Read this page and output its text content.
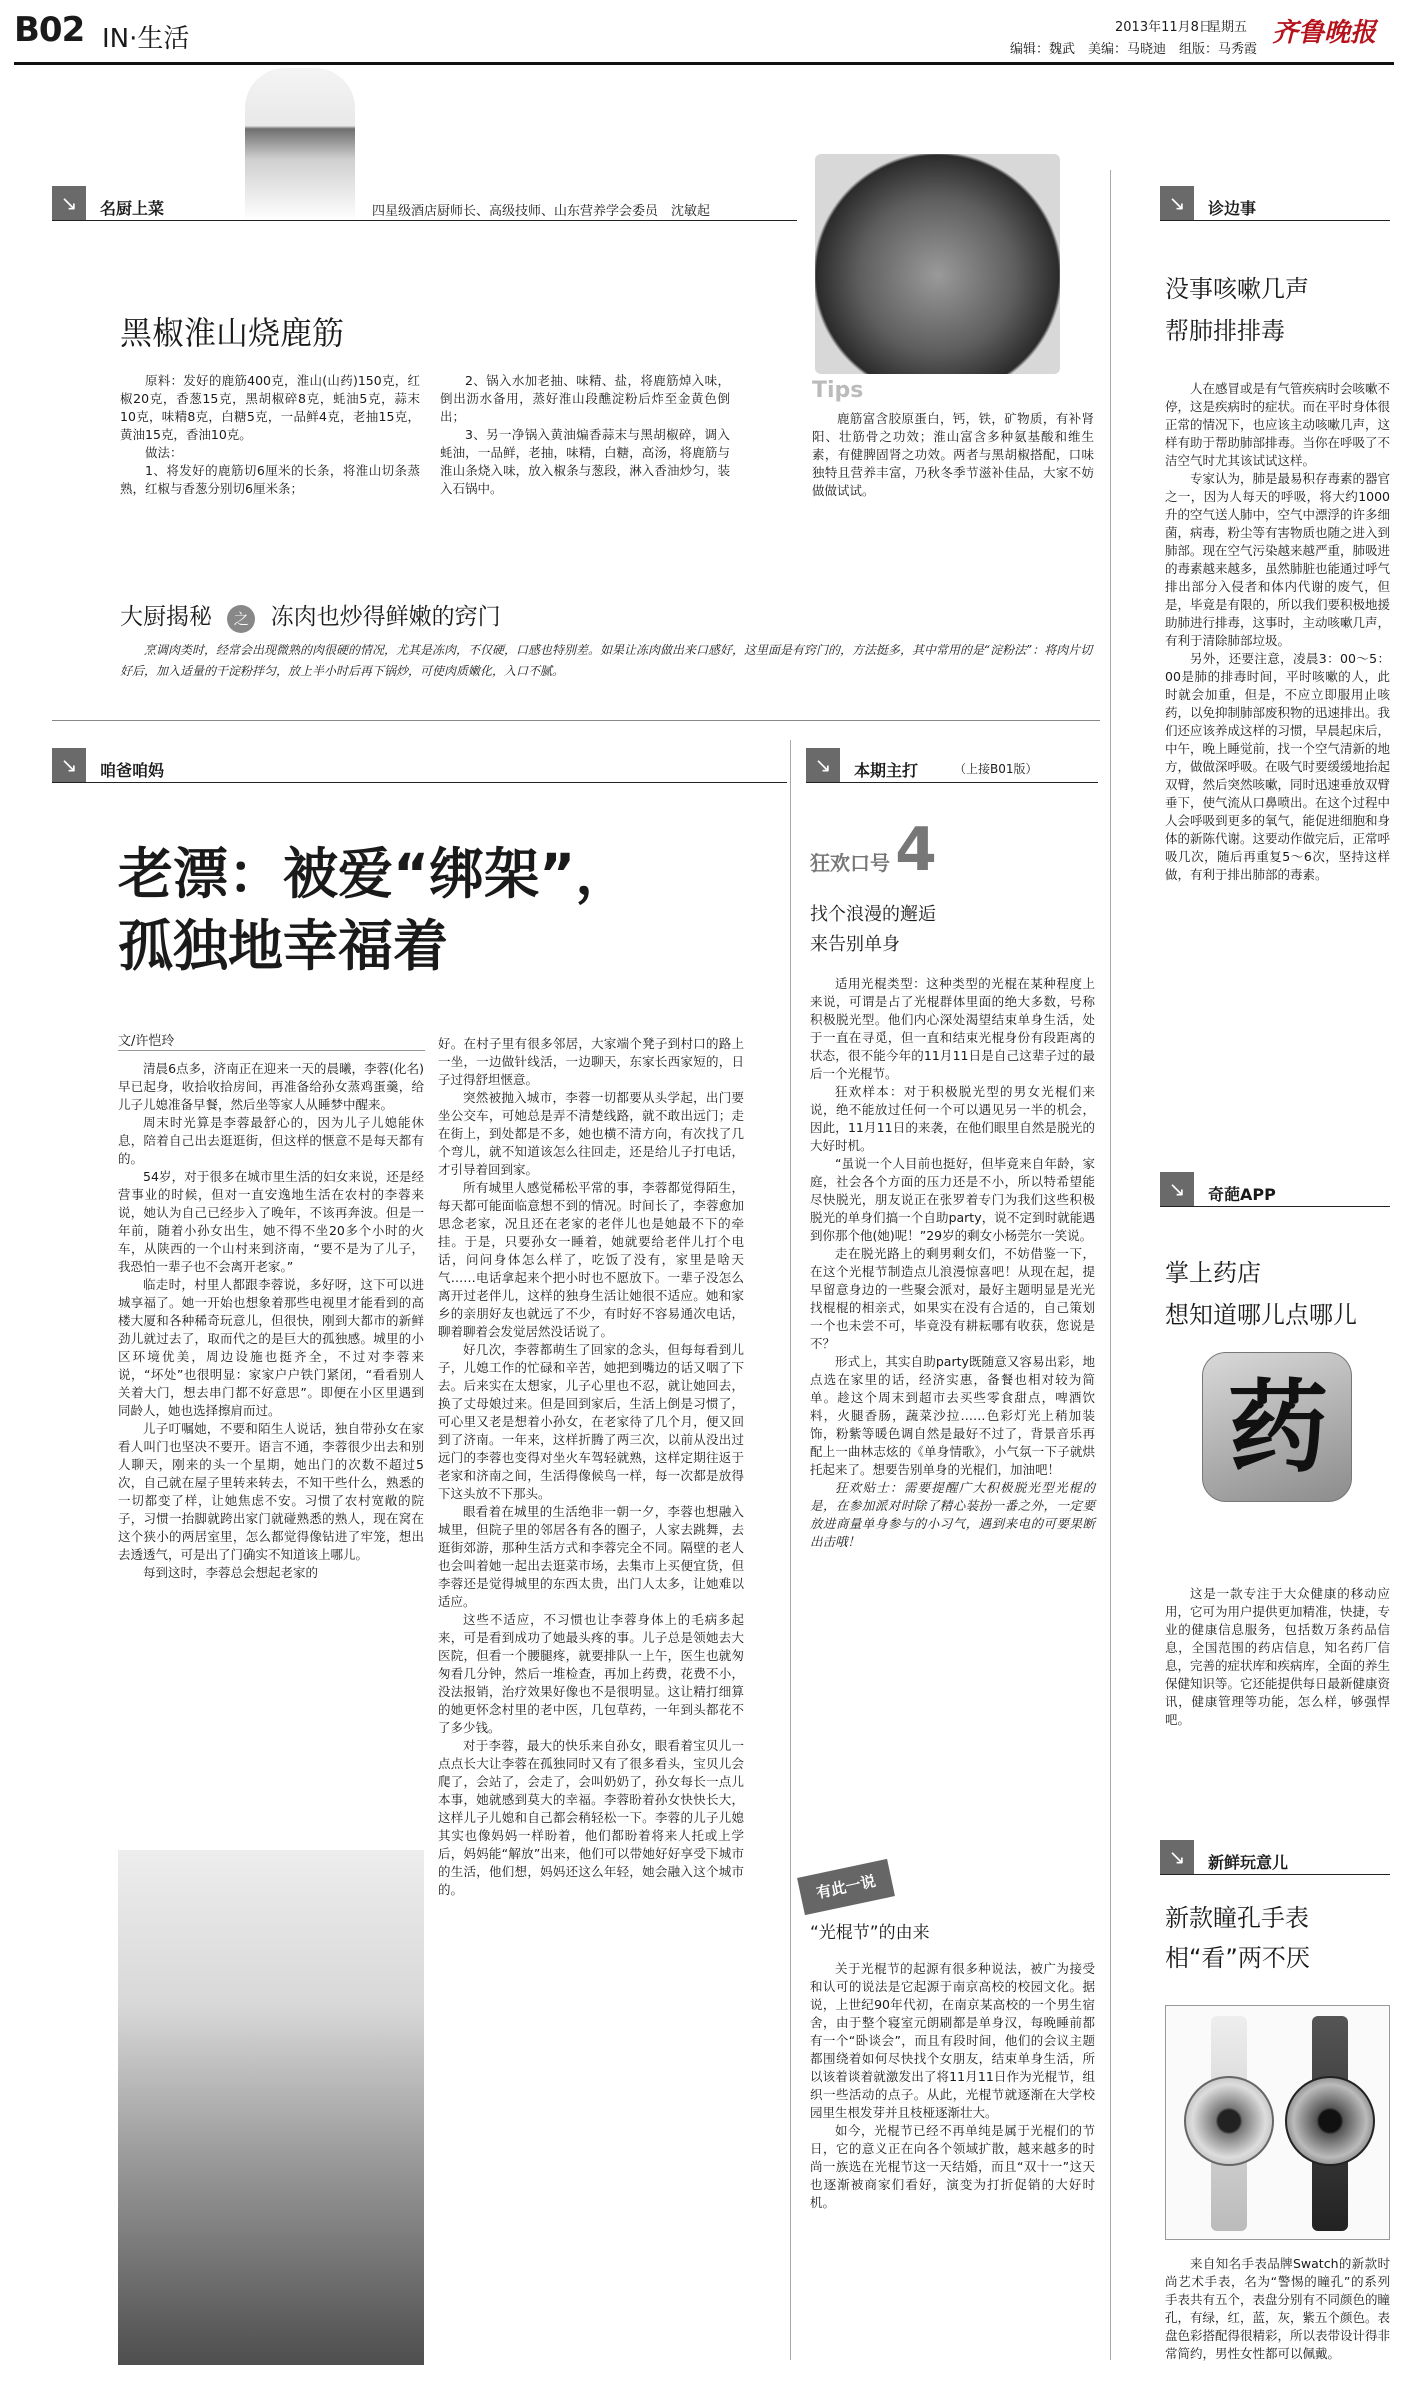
B02 IN·生活	2013年11月8日
星期五
编辑：魏武　美编：马晓迪　组版：马秀霞
齐鲁晚报
↘	名厨上菜	四星级酒店厨师长、高级技师、山东营养学会委员　沈敏起
黑椒淮山烧鹿筋
原料：发好的鹿筋400克，淮山(山药)150克，红椒20克，香葱15克，黑胡椒碎8克，蚝油5克，蒜末10克，味精8克，白糖5克，一品鲜4克，老抽15克，黄油15克，香油10克。
做法：
1、将发好的鹿筋切6厘米的长条，将淮山切条蒸熟，红椒与香葱分别切6厘米条；
2、锅入水加老抽、味精、盐，将鹿筋焯入味，倒出沥水备用，蒸好淮山段醮淀粉后炸至金黄色倒出；
3、另一净锅入黄油煸香蒜末与黑胡椒碎，调入蚝油，一品鲜，老抽，味精，白糖，高汤，将鹿筋与淮山条烧入味，放入椒条与葱段，淋入香油炒匀，装入石锅中。
Tips
鹿筋富含胶原蛋白，钙，铁，矿物质，有补肾阳、壮筋骨之功效；淮山富含多种氨基酸和维生素，有健脾固肾之功效。两者与黑胡椒搭配，口味独特且营养丰富，乃秋冬季节滋补佳品，大家不妨做做试试。
大厨揭秘 之 冻肉也炒得鲜嫩的窍门
烹调肉类时，经常会出现微熟的肉很硬的情况，尤其是冻肉，不仅硬，口感也特别差。如果让冻肉做出来口感好，这里面是有窍门的，方法挺多，其中常用的是“淀粉法”：将肉片切好后，加入适量的干淀粉拌匀，放上半小时后再下锅炒，可使肉质嫩化，入口不腻。
↘	咱爸咱妈
老漂：被爱“绑架”，
孤独地幸福着
文/许恺玲
清晨6点多，济南正在迎来一天的晨曦，李蓉(化名)早已起身，收拾收拾房间，再准备给孙女蒸鸡蛋羹，给儿子儿媳准备早餐，然后坐等家人从睡梦中醒来。
周末时光算是李蓉最舒心的，因为儿子儿媳能休息，陪着自己出去逛逛街，但这样的惬意不是每天都有的。
54岁，对于很多在城市里生活的妇女来说，还是经营事业的时候，但对一直安逸地生活在农村的李蓉来说，她认为自己已经步入了晚年，不该再奔波。但是一年前，随着小孙女出生，她不得不坐20多个小时的火车，从陕西的一个山村来到济南，“要不是为了儿子，我恐怕一辈子也不会离开老家。”
临走时，村里人都跟李蓉说，多好呀，这下可以进城享福了。她一开始也想象着那些电视里才能看到的高楼大厦和各种稀奇玩意儿，但很快，刚到大都市的新鲜劲儿就过去了，取而代之的是巨大的孤独感。城里的小区环境优美，周边设施也挺齐全，不过对李蓉来说，“坏处”也很明显：家家户户铁门紧闭，“看看别人关着大门，想去串门都不好意思”。即便在小区里遇到同龄人，她也选择擦肩而过。
儿子叮嘱她，不要和陌生人说话，独自带孙女在家看人叫门也坚决不要开。语言不通，李蓉很少出去和别人聊天，刚来的头一个星期，她出门的次数不超过5次，自己就在屋子里转来转去，不知干些什么，熟悉的一切都变了样，让她焦虑不安。习惯了农村宽敞的院子，习惯一抬脚就跨出家门就碰熟悉的熟人，现在窝在这个狭小的两居室里，怎么都觉得像钻进了牢笼，想出去透透气，可是出了门确实不知道该上哪儿。
每到这时，李蓉总会想起老家的
好。在村子里有很多邻居，大家端个凳子到村口的路上一坐，一边做针线活，一边聊天，东家长西家短的，日子过得舒坦惬意。
突然被抛入城市，李蓉一切都要从头学起，出门要坐公交车，可她总是弄不清楚线路，就不敢出远门；走在街上，到处都是不多，她也横不清方向，有次找了几个弯儿，就不知道该怎么往回走，还是给儿子打电话，才引导着回到家。
所有城里人感觉稀松平常的事，李蓉都觉得陌生，每天都可能面临意想不到的情况。时间长了，李蓉愈加思念老家，况且还在老家的老伴儿也是她最不下的牵挂。于是，只要孙女一睡着，她就要给老伴儿打个电话，问问身体怎么样了，吃饭了没有，家里是啥天气……电话拿起来个把小时也不愿放下。一辈子没怎么离开过老伴儿，这样的独身生活让她很不适应。她和家乡的亲朋好友也就远了不少，有时好不容易通次电话，聊着聊着会发觉居然没话说了。
好几次，李蓉都萌生了回家的念头，但每每看到儿子，儿媳工作的忙碌和辛苦，她把到嘴边的话又咽了下去。后来实在太想家，儿子心里也不忍，就让她回去，换了丈母娘过来。但是回到家后，生活上倒是习惯了，可心里又老是想着小孙女，在老家待了几个月，便又回到了济南。一年来，这样折腾了两三次，以前从没出过远门的李蓉也变得对坐火车驾轻就熟，这样定期往返于老家和济南之间，生活得像候鸟一样，每一次都是放得下这头放不下那头。
眼看着在城里的生活绝非一朝一夕，李蓉也想融入城里，但院子里的邻居各有各的圈子，人家去跳舞，去逛街郊游，那种生活方式和李蓉完全不同。隔壁的老人也会叫着她一起出去逛菜市场，去集市上买便宜货，但李蓉还是觉得城里的东西太贵，出门人太多，让她难以适应。
这些不适应，不习惯也让李蓉身体上的毛病多起来，可是看到成功了她最头疼的事。儿子总是领她去大医院，但看一个腰腿疼，就要排队一上午，医生也就匆匆看几分钟，然后一堆检查，再加上药费，花费不小，没法报销，治疗效果好像也不是很明显。这让精打细算的她更怀念村里的老中医，几包草药，一年到头都花不了多少钱。
对于李蓉，最大的快乐来自孙女，眼看着宝贝儿一点点长大让李蓉在孤独同时又有了很多看头，宝贝儿会爬了，会站了，会走了，会叫奶奶了，孙女每长一点儿本事，她就感到莫大的幸福。李蓉盼着孙女快快长大，这样儿子儿媳和自己都会稍轻松一下。李蓉的儿子儿媳其实也像妈妈一样盼着，他们都盼着将来人托或上学后，妈妈能“解放”出来，他们可以带她好好享受下城市的生活，他们想，妈妈还这么年轻，她会融入这个城市的。
↘	本期主打	（上接B01版）
狂欢口号 4
找个浪漫的邂逅
来告别单身
适用光棍类型：这种类型的光棍在某种程度上来说，可谓是占了光棍群体里面的绝大多数，号称积极脱光型。他们内心深处渴望结束单身生活，处于一直在寻觅，但一直和结束光棍身份有段距离的状态，很不能今年的11月11日是自己这辈子过的最后一个光棍节。
狂欢样本：对于积极脱光型的男女光棍们来说，绝不能放过任何一个可以遇见另一半的机会，因此，11月11日的来袭，在他们眼里自然是脱光的大好时机。
“虽说一个人目前也挺好，但毕竟来自年龄，家庭，社会各个方面的压力还是不小，所以特希望能尽快脱光，朋友说正在张罗着专门为我们这些积极脱光的单身们搞一个自助party，说不定到时就能遇到你那个他(她)呢！”29岁的剩女小杨莞尔一笑说。
走在脱光路上的剩男剩女们，不妨借鉴一下，在这个光棍节制造点儿浪漫惊喜吧！从现在起，提早留意身边的一些聚会派对，最好主题明显是光光找棍棍的相亲式，如果实在没有合适的，自己策划一个也未尝不可，毕竟没有耕耘哪有收获，您说是不？
形式上，其实自助party既随意又容易出彩，地点选在家里的话，经济实惠，备餐也相对较为简单。趁这个周末到超市去买些零食甜点，啤酒饮料，火腿香肠，蔬菜沙拉……色彩灯光上稍加装饰，粉紫等暖色调自然是最好不过了，背景音乐再配上一曲林志炫的《单身情歌》，小气氛一下子就烘托起来了。想要告别单身的光棍们，加油吧！
狂欢贴士：需要提醒广大积极脱光型光棍的是，在参加派对时除了精心装扮一番之外，一定要放进商量单身参与的小习气，遇到来电的可要果断出击哦！
有此一说
“光棍节”的由来
关于光棍节的起源有很多种说法，被广为接受和认可的说法是它起源于南京高校的校园文化。据说，上世纪90年代初，在南京某高校的一个男生宿舍，由于整个寝室元朗刷都是单身汉，每晚睡前都有一个“卧谈会”，而且有段时间，他们的会议主题都围绕着如何尽快找个女朋友，结束单身生活，所以该着谈着就激发出了将11月11日作为光棍节，组织一些活动的点子。从此，光棍节就逐渐在大学校园里生根发芽并且枝桠逐渐壮大。
如今，光棍节已经不再单纯是属于光棍们的节日，它的意义正在向各个领域扩散，越来越多的时尚一族选在光棍节这一天结婚，而且“双十一”这天也逐渐被商家们看好，演变为打折促销的大好时机。
↘	诊边事
没事咳嗽几声
帮肺排排毒
人在感冒或是有气管疾病时会咳嗽不停，这是疾病时的症状。而在平时身体很正常的情况下，也应该主动咳嗽几声，这样有助于帮助肺部排毒。当你在呼吸了不洁空气时尤其该试试这样。
专家认为，肺是最易积存毒素的器官之一，因为人每天的呼吸，将大约1000升的空气送人肺中，空气中漂浮的许多细菌，病毒，粉尘等有害物质也随之进入到肺部。现在空气污染越来越严重，肺吸进的毒素越来越多，虽然肺脏也能通过呼气排出部分入侵者和体内代谢的废气，但是，毕竟是有限的，所以我们要积极地援助肺进行排毒，这事时，主动咳嗽几声，有利于清除肺部垃圾。
另外，还要注意，凌晨3：00～5：00是肺的排毒时间，平时咳嗽的人，此时就会加重，但是，不应立即服用止咳药，以免抑制肺部废积物的迅速排出。我们还应该养成这样的习惯，早晨起床后，中午，晚上睡觉前，找一个空气清新的地方，做做深呼吸。在吸气时要缓缓地抬起双臂，然后突然咳嗽，同时迅速垂放双臂垂下，使气流从口鼻喷出。在这个过程中人会呼吸到更多的氧气，能促进细胞和身体的新陈代谢。这要动作做完后，正常呼吸几次，随后再重复5～6次，坚持这样做，有利于排出肺部的毒素。
↘	奇葩APP
掌上药店
想知道哪儿点哪儿
药
这是一款专注于大众健康的移动应用，它可为用户提供更加精准，快捷，专业的健康信息服务，包括数万条药品信息，全国范围的药店信息，知名药厂信息，完善的症状库和疾病库，全面的养生保健知识等。它还能提供每日最新健康资讯，健康管理等功能，怎么样，够强悍吧。
↘	新鲜玩意儿
新款瞳孔手表
相“看”两不厌
来自知名手表品牌Swatch的新款时尚艺术手表，名为“警惕的瞳孔”的系列手表共有五个，表盘分别有不同颜色的瞳孔，有绿，红，蓝，灰，紫五个颜色。表盘色彩搭配得很精彩，所以表带设计得非常简约，男性女性都可以佩戴。
